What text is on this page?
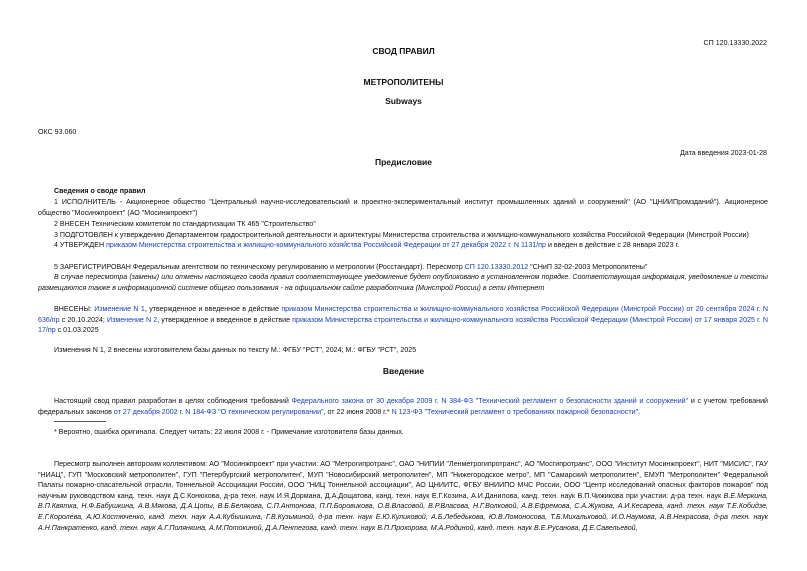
СП 120.13330.2022
СВОД ПРАВИЛ
МЕТРОПОЛИТЕНЫ
Subways
ОКС 93.060
Дата введения 2023-01-28
Предисловие
Сведения о своде правил
1 ИСПОЛНИТЕЛЬ - Акционерное общество "Центральный научно-исследовательский и проектно-экспериментальный институт промышленных зданий и сооружений" (АО "ЦНИИПромзданий"). Акционерное общество "Мосинжпроект" (АО "Мосинжпроект")
2 ВНЕСЕН Техническим комитетом по стандартизации ТК 465 "Строительство"
3 ПОДГОТОВЛЕН к утверждению Департаментом градостроительной деятельности и архитектуры Министерства строительства и жилищно-коммунального хозяйства Российской Федерации (Минстрой России)
4 УТВЕРЖДЕН приказом Министерства строительства и жилищно-коммунального хозяйства Российской Федерации от 27 декабря 2022 г. N 1131/пр и введен в действие с 28 января 2023 г.
5 ЗАРЕГИСТРИРОВАН Федеральным агентством по техническому регулированию и метрологии (Росстандарт). Пересмотр СП 120.13330.2012 "СНиП 32-02-2003 Метрополитены"
В случае пересмотра (замены) или отмены настоящего свода правил соответствующее уведомление будет опубликовано в установленном порядке. Соответствующая информация, уведомление и тексты размещаются также в информационной системе общего пользования - на официальном сайте разработчика (Минстрой России) в сети Интернет
ВНЕСЕНЫ: Изменение N 1, утвержденное и введенное в действие приказом Министерства строительства и жилищно-коммунального хозяйства Российской Федерации (Минстрой России) от 20 сентября 2024 г. N 636/пр с 20.10.2024; Изменение N 2, утвержденное и введенное в действие приказом Министерства строительства и жилищно-коммунального хозяйства Российской Федерации (Минстрой России) от 17 января 2025 г. N 17/пр с 01.03.2025
Изменения N 1, 2 внесены изготовителем базы данных по тексту М.: ФГБУ "РСТ", 2024; М.: ФГБУ "РСТ", 2025
Введение
Настоящий свод правил разработан в целях соблюдения требований Федерального закона от 30 декабря 2009 г. N 384-ФЗ "Технический регламент о безопасности зданий и сооружений" и с учетом требований федеральных законов от 27 декабря 2002 г. N 184-ФЗ "О техническом регулировании", от 22 июня 2008 г.* N 123-ФЗ "Технический регламент о требованиях пожарной безопасности".
* Вероятно, ошибка оригинала. Следует читать: 22 июля 2008 г. - Примечание изготовителя базы данных.
Пересмотр выполнен авторским коллективом: АО "Мосинжпроект" при участии: АО "Метрогипротранс", ОАО "НИПИИ "Ленметрогипротранс", АО "Мосгипротранс", ООО "Институт Мосинжпроект", НИТ "МИСИС", ГАУ "НИАЦ", ГУП "Московский метрополитен", ГУП "Петербургский метрополитен", МУП "Новосибирский метрополитен", МП "Нижегородское метро", МП "Самарский метрополитен", ЕМУП "Метрополитен" Федеральной Палаты пожарно-спасательной отрасли, Тоннельной Ассоциации России, ООО "НИЦ Тоннельной ассоциации", АО ЦНИИТС, ФГБУ ВНИИПО МЧС России, ООО "Центр исследований опасных факторов пожаров" под научным руководством канд. техн. наук Д.С.Конюхова, д-ра техн. наук И.Я.Дормана, Д.А.Дощатова, канд. техн. наук Е.Г.Козина, А.И.Данилова, канд. техн. наук В.П.Чижикова при участии: д-ра техн. наук В.Е.Меркина, В.П.Квятка, Н.Ф.Бабушкина, А.В.Мякова, Д.А.Цопы, В.Б.Белякова, С.П.Антонова, П.П.Боровикова, О.В.Власовой, В.Р.Власова, Н.Г.Волковой, А.В.Ефремова, С.А.Жукова, А.И.Кесарева, канд. техн. наук Т.Е.Кобидзе, Е.Г.Королева, А.Ю.Костюченко, канд. техн. наук А.А.Кубышкина, Г.В.Кузьминой, д-ра техн. наук Е.Ю.Куликовой, А.Б.Лебедькова, Ю.В.Ломоносова, Т.Б.Михальковой, И.О.Наумова, А.В.Некрасова, д-ра техн. наук А.Н.Панкратенко, канд. техн. наук А.Г.Полянкина, А.М.Потокиной, Д.А.Пентегова, канд. техн. наук В.П.Прохорова, М.А.Родиной, канд. техн. наук В.Е.Русанова, Д.Е.Савельевой,
